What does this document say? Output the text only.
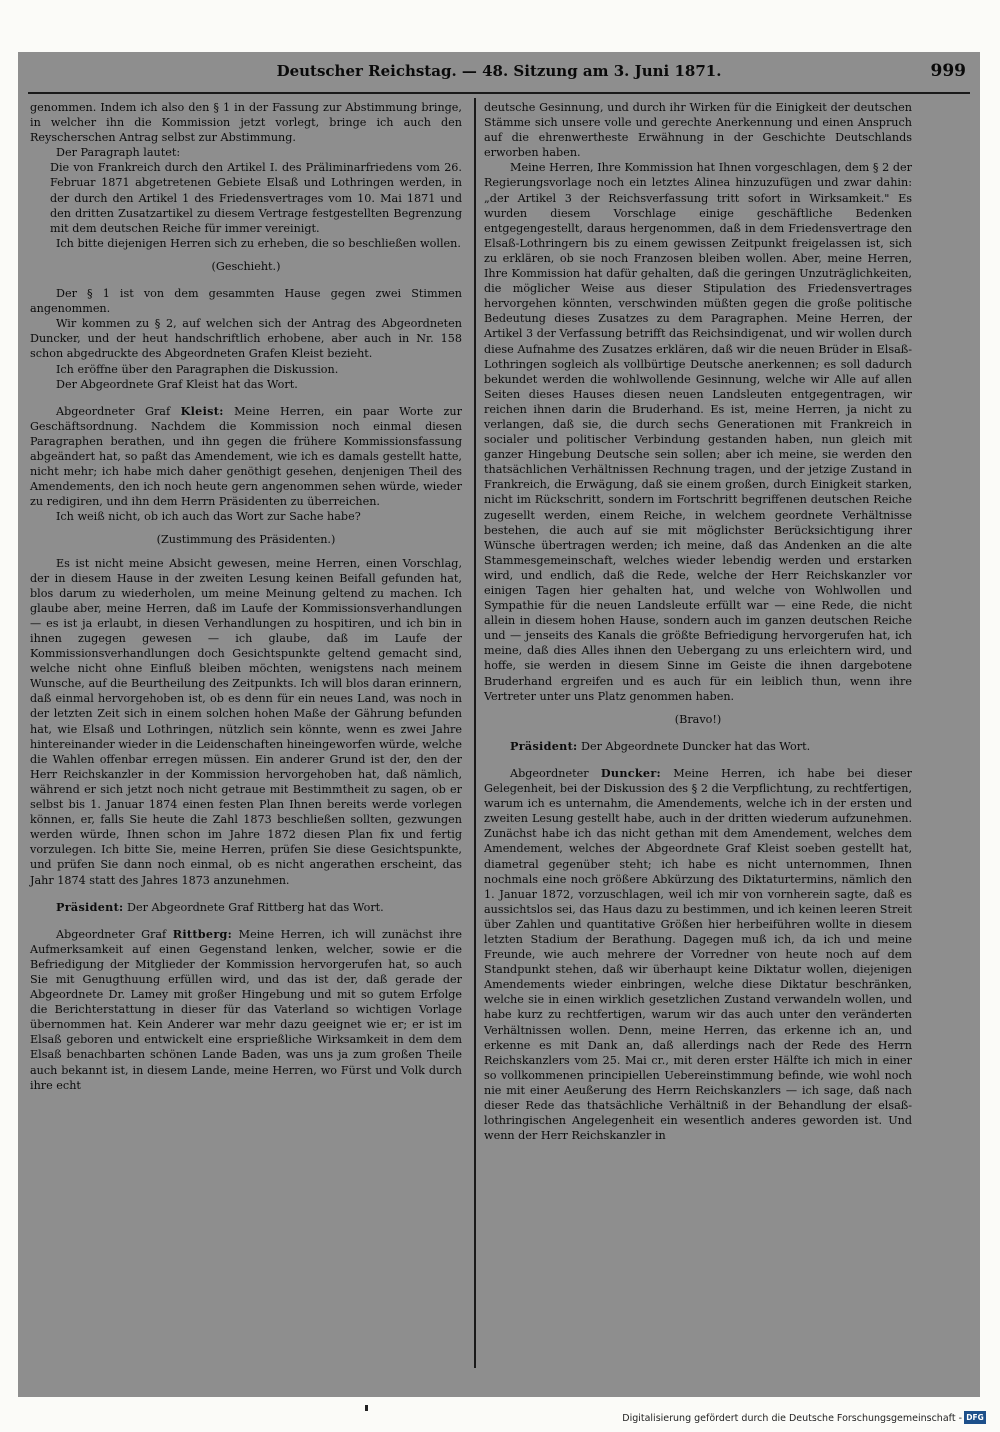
Deutscher Reichstag. — 48. Sitzung am 3. Juni 1871.	999

genommen. Indem ich also den § 1 in der Fassung zur Abstimmung bringe, in welcher ihn die Kommission jetzt vorlegt, bringe ich auch den Reyscherschen Antrag selbst zur Abstimmung.

Der Paragraph lautet:

Die von Frankreich durch den Artikel I. des Präliminarfriedens vom 26. Februar 1871 abgetretenen Gebiete Elsaß und Lothringen werden, in der durch den Artikel 1 des Friedensvertrages vom 10. Mai 1871 und den dritten Zusatzartikel zu diesem Vertrage festgestellten Begrenzung mit dem deutschen Reiche für immer vereinigt.

Ich bitte diejenigen Herren sich zu erheben, die so beschließen wollen.

(Geschieht.)

Der § 1 ist von dem gesammten Hause gegen zwei Stimmen angenommen.

Wir kommen zu § 2, auf welchen sich der Antrag des Abgeordneten Duncker, und der heut handschriftlich erhobene, aber auch in Nr. 158 schon abgedruckte des Abgeordneten Grafen Kleist bezieht.

Ich eröffne über den Paragraphen die Diskussion.

Der Abgeordnete Graf Kleist hat das Wort.

Abgeordneter Graf Kleist: Meine Herren, ein paar Worte zur Geschäftsordnung. Nachdem die Kommission noch einmal diesen Paragraphen berathen, und ihn gegen die frühere Kommissionsfassung abgeändert hat, so paßt das Amendement, wie ich es damals gestellt hatte, nicht mehr; ich habe mich daher genöthigt gesehen, denjenigen Theil des Amendements, den ich noch heute gern angenommen sehen würde, wieder zu redigiren, und ihn dem Herrn Präsidenten zu überreichen.

Ich weiß nicht, ob ich auch das Wort zur Sache habe?

(Zustimmung des Präsidenten.)

Es ist nicht meine Absicht gewesen, meine Herren, einen Vorschlag, der in diesem Hause in der zweiten Lesung keinen Beifall gefunden hat, blos darum zu wiederholen, um meine Meinung geltend zu machen. Ich glaube aber, meine Herren, daß im Laufe der Kommissionsverhandlungen — es ist ja erlaubt, in diesen Verhandlungen zu hospitiren, und ich bin in ihnen zugegen gewesen — ich glaube, daß im Laufe der Kommissionsverhandlungen doch Gesichtspunkte geltend gemacht sind, welche nicht ohne Einfluß bleiben möchten, wenigstens nach meinem Wunsche, auf die Beurtheilung des Zeitpunkts. Ich will blos daran erinnern, daß einmal hervorgehoben ist, ob es denn für ein neues Land, was noch in der letzten Zeit sich in einem solchen hohen Maße der Gährung befunden hat, wie Elsaß und Lothringen, nützlich sein könnte, wenn es zwei Jahre hintereinander wieder in die Leidenschaften hineingeworfen würde, welche die Wahlen offenbar erregen müssen. Ein anderer Grund ist der, den der Herr Reichskanzler in der Kommission hervorgehoben hat, daß nämlich, während er sich jetzt noch nicht getraue mit Bestimmtheit zu sagen, ob er selbst bis 1. Januar 1874 einen festen Plan Ihnen bereits werde vorlegen können, er, falls Sie heute die Zahl 1873 beschließen sollten, gezwungen werden würde, Ihnen schon im Jahre 1872 diesen Plan fix und fertig vorzulegen. Ich bitte Sie, meine Herren, prüfen Sie diese Gesichtspunkte, und prüfen Sie dann noch einmal, ob es nicht angerathen erscheint, das Jahr 1874 statt des Jahres 1873 anzunehmen.

Präsident: Der Abgeordnete Graf Rittberg hat das Wort.

Abgeordneter Graf Rittberg: Meine Herren, ich will zunächst ihre Aufmerksamkeit auf einen Gegenstand lenken, welcher, sowie er die Befriedigung der Mitglieder der Kommission hervorgerufen hat, so auch Sie mit Genugthuung erfüllen wird, und das ist der, daß gerade der Abgeordnete Dr. Lamey mit großer Hingebung und mit so gutem Erfolge die Berichterstattung in dieser für das Vaterland so wichtigen Vorlage übernommen hat. Kein Anderer war mehr dazu geeignet wie er; er ist im Elsaß geboren und entwickelt eine ersprießliche Wirksamkeit in dem dem Elsaß benachbarten schönen Lande Baden, was uns ja zum großen Theile auch bekannt ist, in diesem Lande, meine Herren, wo Fürst und Volk durch ihre echt

deutsche Gesinnung, und durch ihr Wirken für die Einigkeit der deutschen Stämme sich unsere volle und gerechte Anerkennung und einen Anspruch auf die ehrenwertheste Erwähnung in der Geschichte Deutschlands erworben haben.

Meine Herren, Ihre Kommission hat Ihnen vorgeschlagen, dem § 2 der Regierungsvorlage noch ein letztes Alinea hinzuzufügen und zwar dahin: „der Artikel 3 der Reichsverfassung tritt sofort in Wirksamkeit." Es wurden diesem Vorschlage einige geschäftliche Bedenken entgegengestellt, daraus hergenommen, daß in dem Friedensvertrage den Elsaß-Lothringern bis zu einem gewissen Zeitpunkt freigelassen ist, sich zu erklären, ob sie noch Franzosen bleiben wollen. Aber, meine Herren, Ihre Kommission hat dafür gehalten, daß die geringen Unzuträglichkeiten, die möglicher Weise aus dieser Stipulation des Friedensvertrages hervorgehen könnten, verschwinden müßten gegen die große politische Bedeutung dieses Zusatzes zu dem Paragraphen. Meine Herren, der Artikel 3 der Verfassung betrifft das Reichsindigenat, und wir wollen durch diese Aufnahme des Zusatzes erklären, daß wir die neuen Brüder in Elsaß-Lothringen sogleich als vollbürtige Deutsche anerkennen; es soll dadurch bekundet werden die wohlwollende Gesinnung, welche wir Alle auf allen Seiten dieses Hauses diesen neuen Landsleuten entgegentragen, wir reichen ihnen darin die Bruderhand. Es ist, meine Herren, ja nicht zu verlangen, daß sie, die durch sechs Generationen mit Frankreich in socialer und politischer Verbindung gestanden haben, nun gleich mit ganzer Hingebung Deutsche sein sollen; aber ich meine, sie werden den thatsächlichen Verhältnissen Rechnung tragen, und der jetzige Zustand in Frankreich, die Erwägung, daß sie einem großen, durch Einigkeit starken, nicht im Rückschritt, sondern im Fortschritt begriffenen deutschen Reiche zugesellt werden, einem Reiche, in welchem geordnete Verhältnisse bestehen, die auch auf sie mit möglichster Berücksichtigung ihrer Wünsche übertragen werden; ich meine, daß das Andenken an die alte Stammesgemeinschaft, welches wieder lebendig werden und erstarken wird, und endlich, daß die Rede, welche der Herr Reichskanzler vor einigen Tagen hier gehalten hat, und welche von Wohlwollen und Sympathie für die neuen Landsleute erfüllt war — eine Rede, die nicht allein in diesem hohen Hause, sondern auch im ganzen deutschen Reiche und — jenseits des Kanals die größte Befriedigung hervorgerufen hat, ich meine, daß dies Alles ihnen den Uebergang zu uns erleichtern wird, und hoffe, sie werden in diesem Sinne im Geiste die ihnen dargebotene Bruderhand ergreifen und es auch für ein leiblich thun, wenn ihre Vertreter unter uns Platz genommen haben.

(Bravo!)

Präsident: Der Abgeordnete Duncker hat das Wort.

Abgeordneter Duncker: Meine Herren, ich habe bei dieser Gelegenheit, bei der Diskussion des § 2 die Verpflichtung, zu rechtfertigen, warum ich es unternahm, die Amendements, welche ich in der ersten und zweiten Lesung gestellt habe, auch in der dritten wiederum aufzunehmen. Zunächst habe ich das nicht gethan mit dem Amendement, welches dem Amendement, welches der Abgeordnete Graf Kleist soeben gestellt hat, diametral gegenüber steht; ich habe es nicht unternommen, Ihnen nochmals eine noch größere Abkürzung des Diktaturtermins, nämlich den 1. Januar 1872, vorzuschlagen, weil ich mir von vornherein sagte, daß es aussichtslos sei, das Haus dazu zu bestimmen, und ich keinen leeren Streit über Zahlen und quantitative Größen hier herbeiführen wollte in diesem letzten Stadium der Berathung. Dagegen muß ich, da ich und meine Freunde, wie auch mehrere der Vorredner von heute noch auf dem Standpunkt stehen, daß wir überhaupt keine Diktatur wollen, diejenigen Amendements wieder einbringen, welche diese Diktatur beschränken, welche sie in einen wirklich gesetzlichen Zustand verwandeln wollen, und habe kurz zu rechtfertigen, warum wir das auch unter den veränderten Verhältnissen wollen. Denn, meine Herren, das erkenne ich an, und erkenne es mit Dank an, daß allerdings nach der Rede des Herrn Reichskanzlers vom 25. Mai cr., mit deren erster Hälfte ich mich in einer so vollkommenen principiellen Uebereinstimmung befinde, wie wohl noch nie mit einer Aeußerung des Herrn Reichskanzlers — ich sage, daß nach dieser Rede das thatsächliche Verhältniß in der Behandlung der elsaß-lothringischen Angelegenheit ein wesentlich anderes geworden ist. Und wenn der Herr Reichskanzler in

Digitalisierung gefördert durch die Deutsche Forschungsgemeinschaft - DFG
